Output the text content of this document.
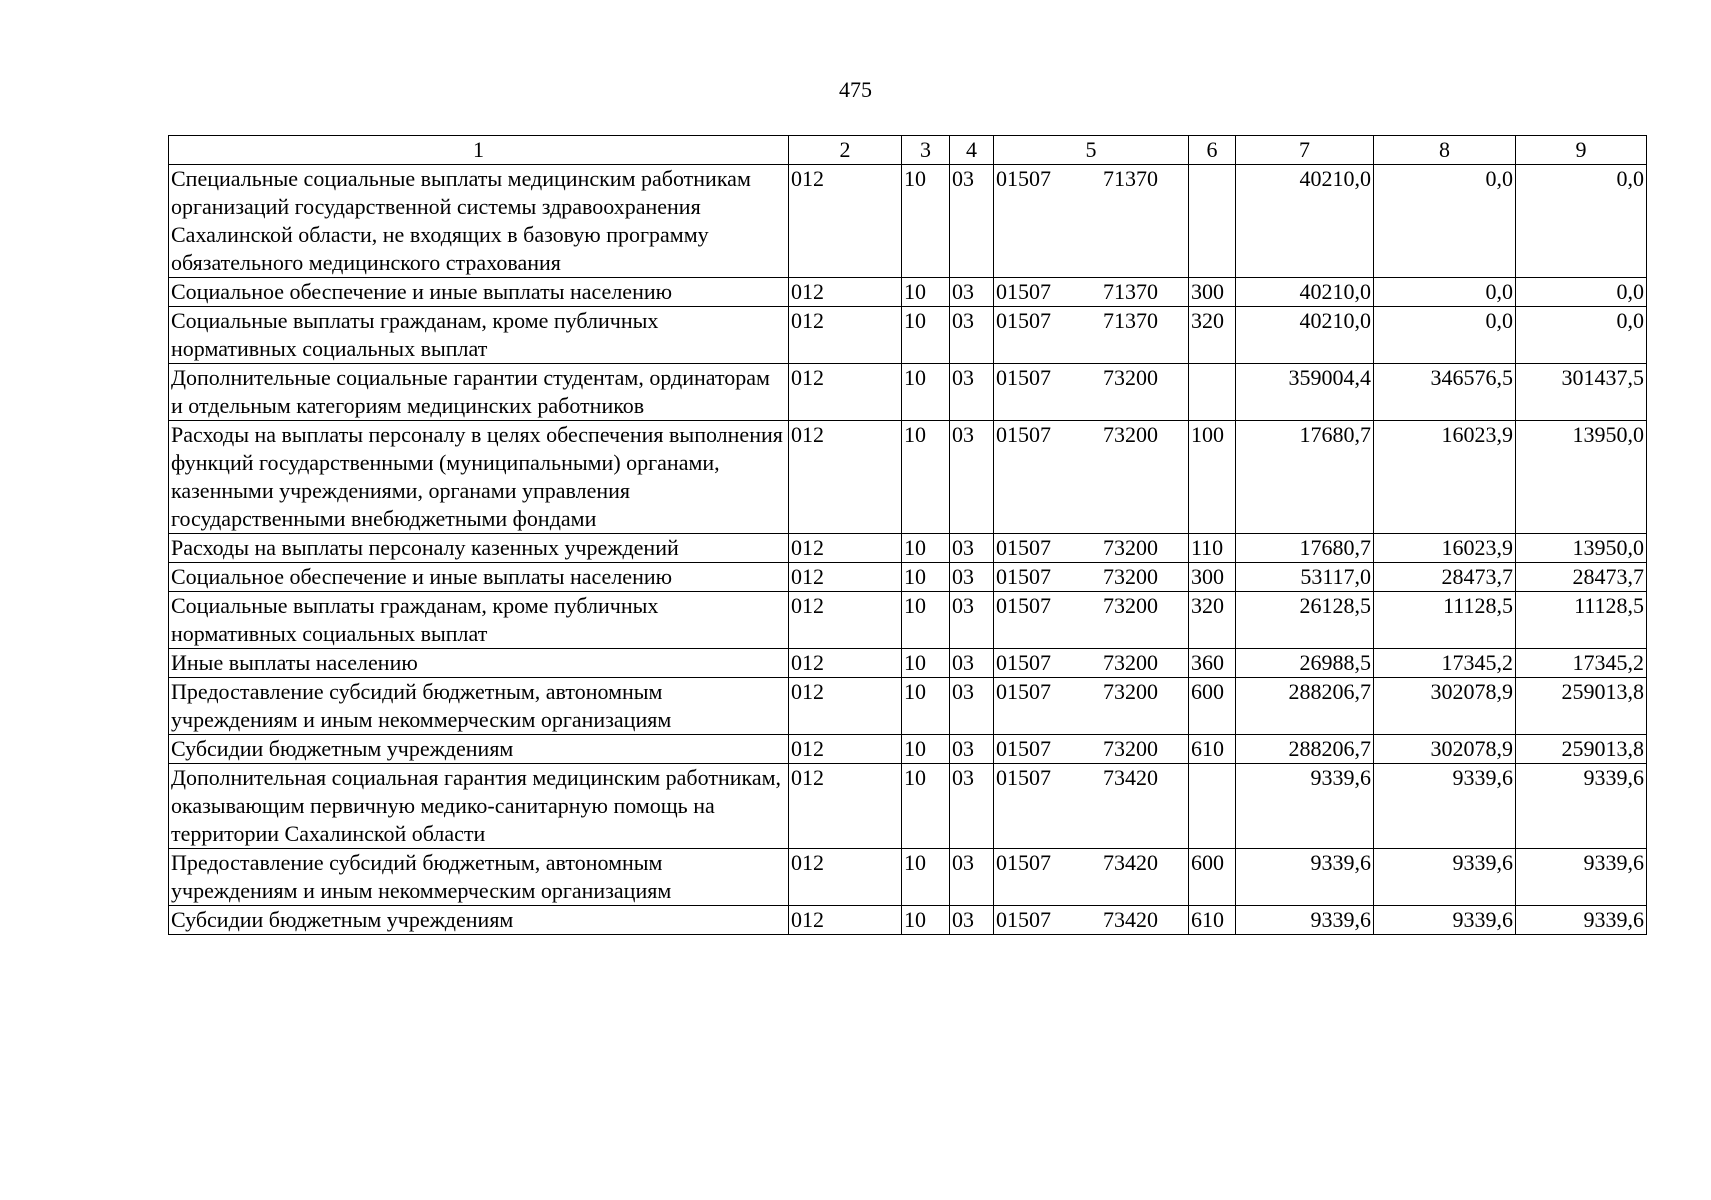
475
1	2	3	4	5	6	7	8	9
Специальные социальные выплаты медицинским работникам организаций государственной системы здравоохранения Сахалинской области, не входящих в базовую программу обязательного медицинского страхования	012	10	03	01507 71370		40210,0	0,0	0,0
Социальное обеспечение и иные выплаты населению	012	10	03	01507 71370	300	40210,0	0,0	0,0
Социальные выплаты гражданам, кроме публичных нормативных социальных выплат	012	10	03	01507 71370	320	40210,0	0,0	0,0
Дополнительные социальные гарантии студентам, ординаторам и отдельным категориям медицинских работников	012	10	03	01507 73200		359004,4	346576,5	301437,5
Расходы на выплаты персоналу в целях обеспечения выполнения функций государственными (муниципальными) органами, казенными учреждениями, органами управления государственными внебюджетными фондами	012	10	03	01507 73200	100	17680,7	16023,9	13950,0
Расходы на выплаты персоналу казенных учреждений	012	10	03	01507 73200	110	17680,7	16023,9	13950,0
Социальное обеспечение и иные выплаты населению	012	10	03	01507 73200	300	53117,0	28473,7	28473,7
Социальные выплаты гражданам, кроме публичных нормативных социальных выплат	012	10	03	01507 73200	320	26128,5	11128,5	11128,5
Иные выплаты населению	012	10	03	01507 73200	360	26988,5	17345,2	17345,2
Предоставление субсидий бюджетным, автономным учреждениям и иным некоммерческим организациям	012	10	03	01507 73200	600	288206,7	302078,9	259013,8
Субсидии бюджетным учреждениям	012	10	03	01507 73200	610	288206,7	302078,9	259013,8
Дополнительная социальная гарантия медицинским работникам, оказывающим первичную медико-санитарную помощь на территории Сахалинской области	012	10	03	01507 73420		9339,6	9339,6	9339,6
Предоставление субсидий бюджетным, автономным учреждениям и иным некоммерческим организациям	012	10	03	01507 73420	600	9339,6	9339,6	9339,6
Субсидии бюджетным учреждениям	012	10	03	01507 73420	610	9339,6	9339,6	9339,6
